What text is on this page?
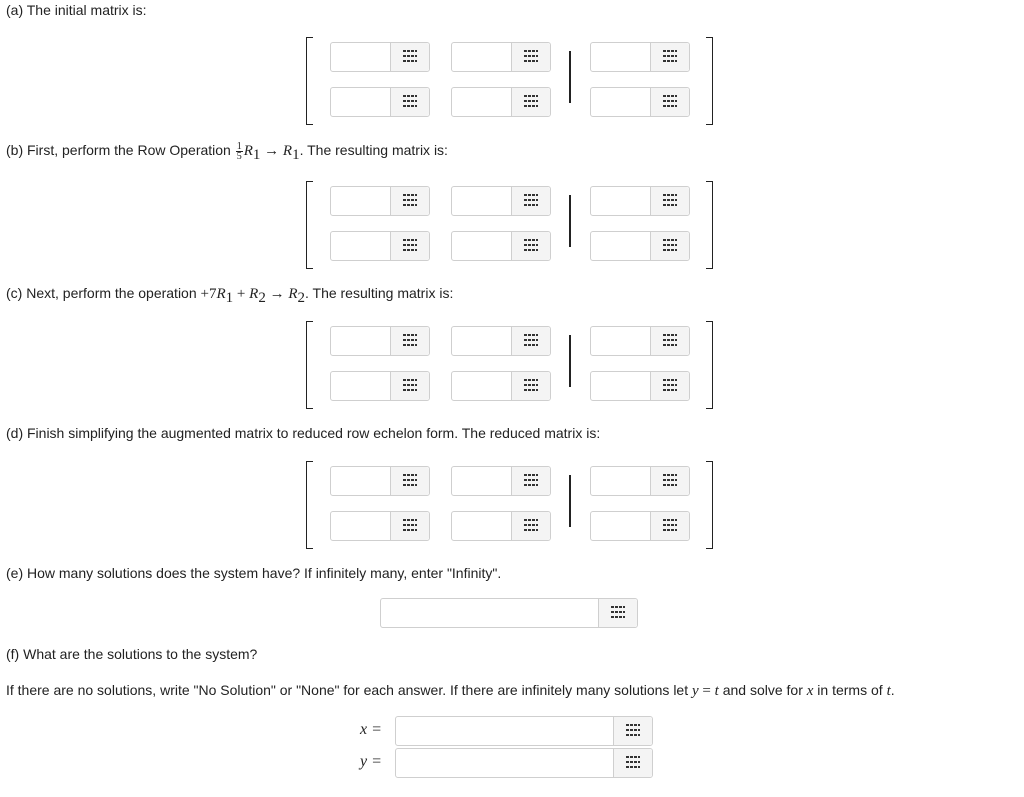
(a) The initial matrix is:
(b) First, perform the Row Operation $\frac{1}{5} R_1 \to R_1$. The resulting matrix is:
(c) Next, perform the operation $+7R_1 + R_2 \to R_2$. The resulting matrix is:
(d) Finish simplifying the augmented matrix to reduced row echelon form. The reduced matrix is:
(e) How many solutions does the system have? If infinitely many, enter "Infinity".
(f) What are the solutions to the system?
If there are no solutions, write "No Solution" or "None" for each answer. If there are infinitely many solutions let y = t and solve for x in terms of t.
x =
y =
